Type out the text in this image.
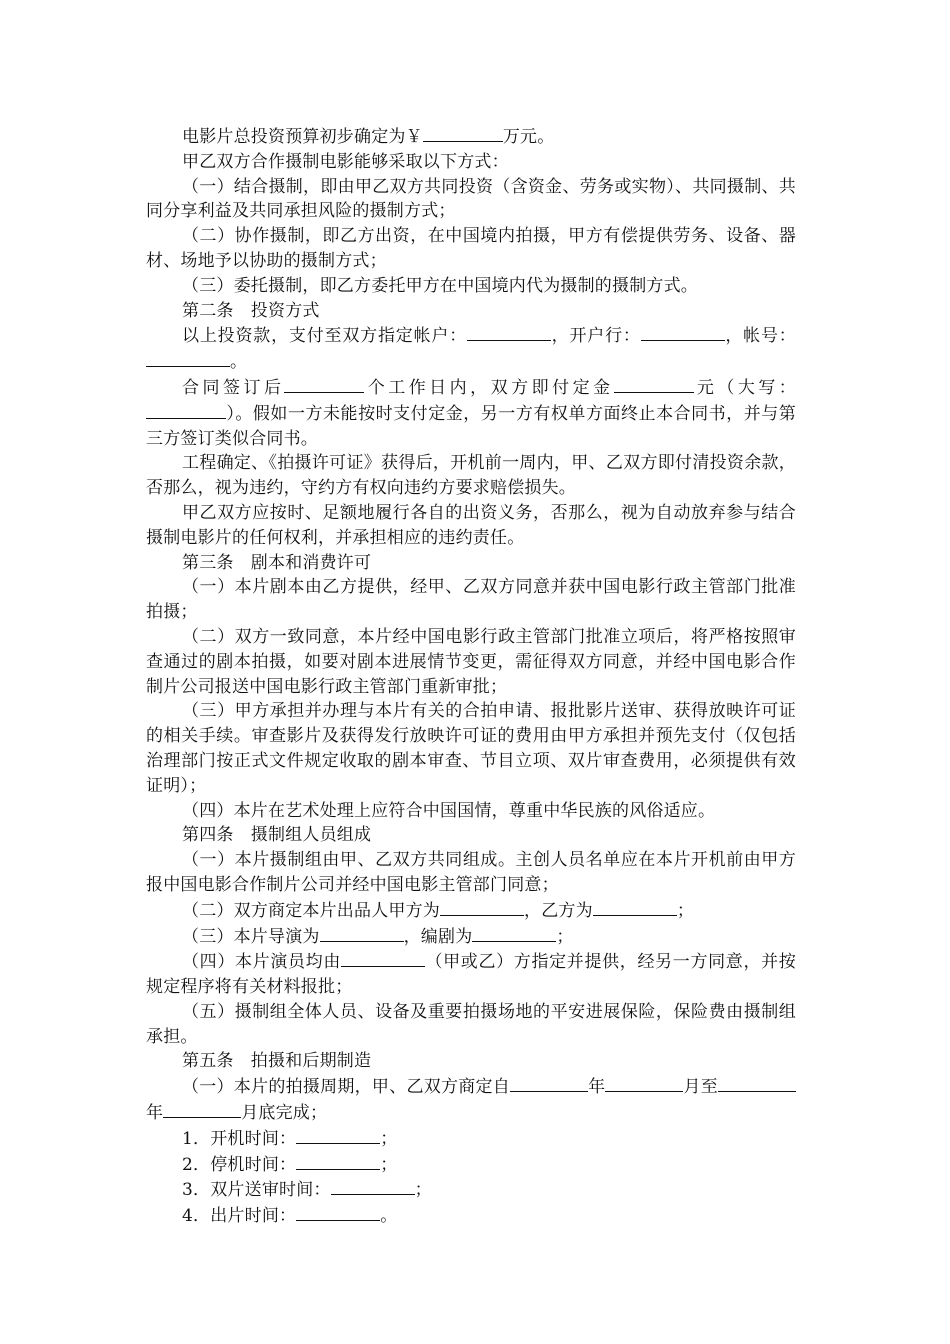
电影片总投资预算初步确定为￥	万元。

甲乙双方合作摄制电影能够采取以下方式：

（一）结合摄制，即由甲乙双方共同投资（含资金、劳务或实物）、共同摄制、共同分享利益及共同承担风险的摄制方式；

（二）协作摄制，即乙方出资，在中国境内拍摄，甲方有偿提供劳务、设备、器材、场地予以协助的摄制方式；

（三）委托摄制，即乙方委托甲方在中国境内代为摄制的摄制方式。

第二条　投资方式

以上投资款，支付至双方指定帐户：	，开户行：	，帐号：。

合同签订后	个工作日内，双方即付定金	元（大写：）。假如一方未能按时支付定金，另一方有权单方面终止本合同书，并与第三方签订类似合同书。

工程确定、《拍摄许可证》获得后，开机前一周内，甲、乙双方即付清投资余款，否那么，视为违约，守约方有权向违约方要求赔偿损失。

甲乙双方应按时、足额地履行各自的出资义务，否那么，视为自动放弃参与结合摄制电影片的任何权利，并承担相应的违约责任。

第三条　剧本和消费许可

（一）本片剧本由乙方提供，经甲、乙双方同意并获中国电影行政主管部门批准拍摄；

（二）双方一致同意，本片经中国电影行政主管部门批准立项后，将严格按照审查通过的剧本拍摄，如要对剧本进展情节变更，需征得双方同意，并经中国电影合作制片公司报送中国电影行政主管部门重新审批；

（三）甲方承担并办理与本片有关的合拍申请、报批影片送审、获得放映许可证的相关手续。审查影片及获得发行放映许可证的费用由甲方承担并预先支付（仅包括治理部门按正式文件规定收取的剧本审查、节目立项、双片审查费用，必须提供有效证明）；

（四）本片在艺术处理上应符合中国国情，尊重中华民族的风俗适应。

第四条　摄制组人员组成

（一）本片摄制组由甲、乙双方共同组成。主创人员名单应在本片开机前由甲方报中国电影合作制片公司并经中国电影主管部门同意；

（二）双方商定本片出品人甲方为	，乙方为	；

（三）本片导演为	，编剧为	；

（四）本片演员均由	（甲或乙）方指定并提供，经另一方同意，并按规定程序将有关材料报批；

（五）摄制组全体人员、设备及重要拍摄场地的平安进展保险，保险费由摄制组承担。

第五条　拍摄和后期制造

（一）本片的拍摄周期，甲、乙双方商定自	年	月至年	月底完成；

1．开机时间：	；

2．停机时间：	；

3．双片送审时间：	；

4．出片时间：	。
